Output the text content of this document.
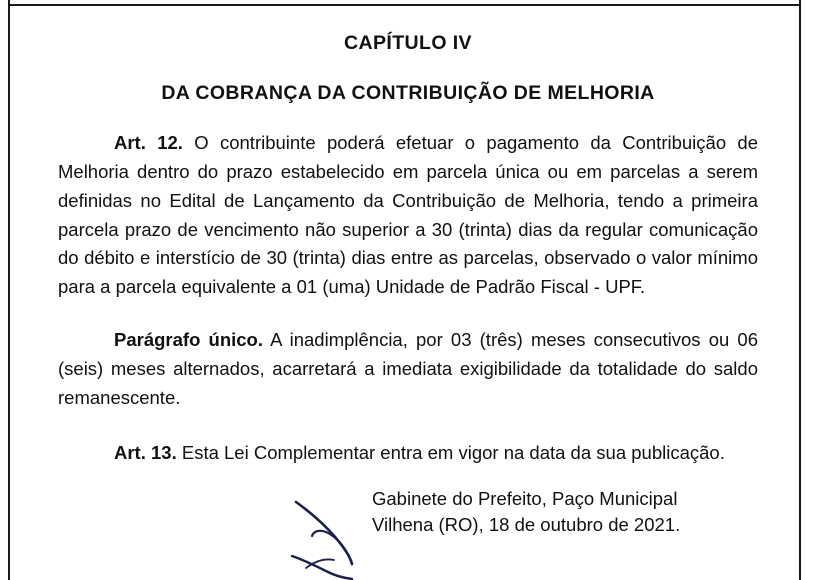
CAPÍTULO IV
DA COBRANÇA DA CONTRIBUIÇÃO DE MELHORIA

Art. 12. O contribuinte poderá efetuar o pagamento da Contribuição de Melhoria dentro do prazo estabelecido em parcela única ou em parcelas a serem definidas no Edital de Lançamento da Contribuição de Melhoria, tendo a primeira parcela prazo de vencimento não superior a 30 (trinta) dias da regular comunicação do débito e interstício de 30 (trinta) dias entre as parcelas, observado o valor mínimo para a parcela equivalente a 01 (uma) Unidade de Padrão Fiscal - UPF.

Parágrafo único. A inadimplência, por 03 (três) meses consecutivos ou 06 (seis) meses alternados, acarretará a imediata exigibilidade da totalidade do saldo remanescente.

Art. 13. Esta Lei Complementar entra em vigor na data da sua publicação.

Gabinete do Prefeito, Paço Municipal
Vilhena (RO), 18 de outubro de 2021.
